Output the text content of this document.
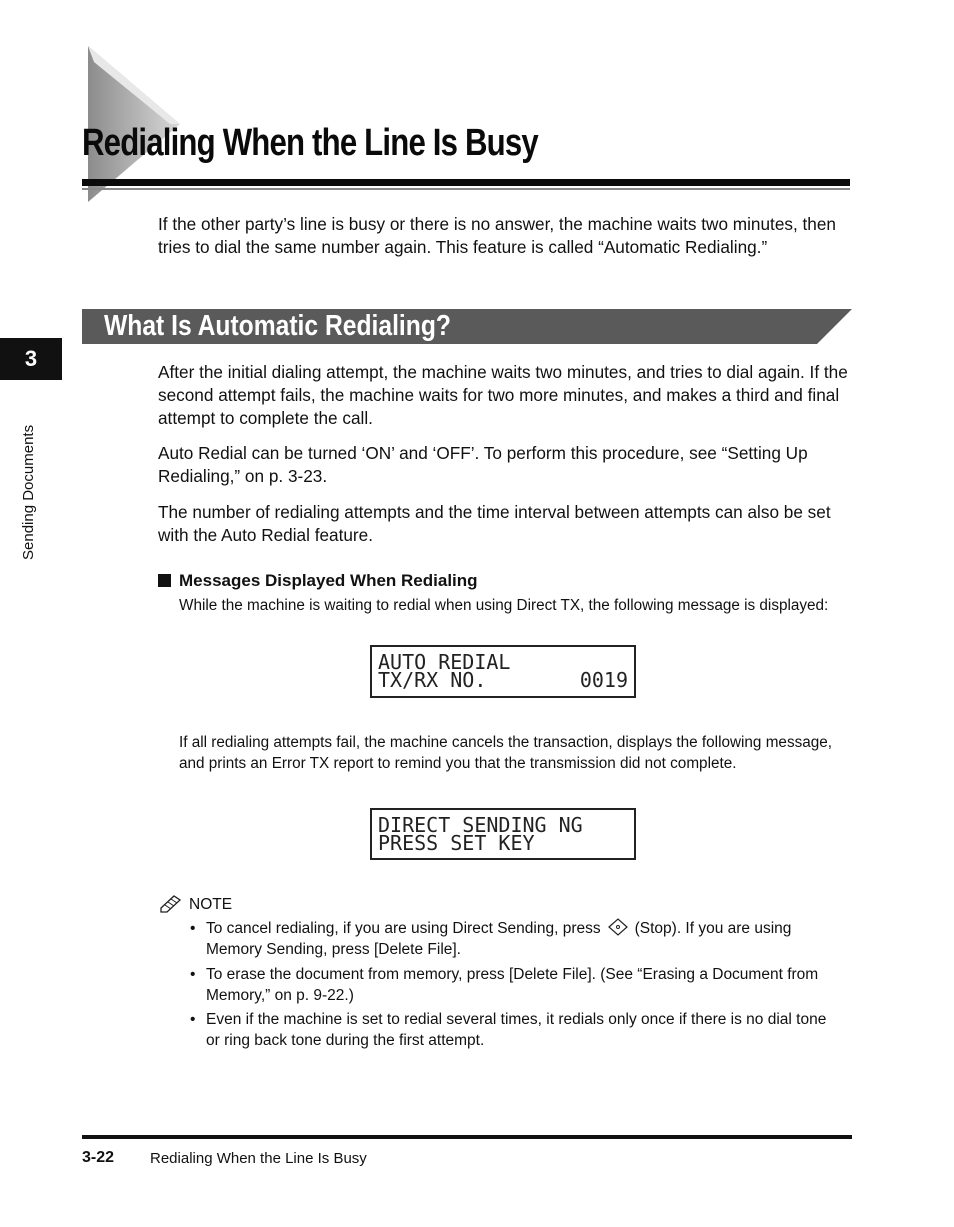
Redialing When the Line Is Busy
If the other party’s line is busy or there is no answer, the machine waits two minutes, then tries to dial the same number again. This feature is called “Automatic Redialing.”
What Is Automatic Redialing?
3
Sending Documents
After the initial dialing attempt, the machine waits two minutes, and tries to dial again. If the second attempt fails, the machine waits for two more minutes, and makes a third and final attempt to complete the call.
Auto Redial can be turned ‘ON’ and ‘OFF’. To perform this procedure, see “Setting Up Redialing,” on p. 3-23.
The number of redialing attempts and the time interval between attempts can also be set with the Auto Redial feature.
Messages Displayed When Redialing
While the machine is waiting to redial when using Direct TX, the following message is displayed:
AUTO REDIAL
TX/RX NO.	0019
If all redialing attempts fail, the machine cancels the transaction, displays the following message, and prints an Error TX report to remind you that the transmission did not complete.
DIRECT SENDING NG
PRESS SET KEY
NOTE
• To cancel redialing, if you are using Direct Sending, press (Stop). If you are using Memory Sending, press [Delete File].
• To erase the document from memory, press [Delete File]. (See “Erasing a Document from Memory,” on p. 9-22.)
• Even if the machine is set to redial several times, it redials only once if there is no dial tone or ring back tone during the first attempt.
3-22 Redialing When the Line Is Busy
